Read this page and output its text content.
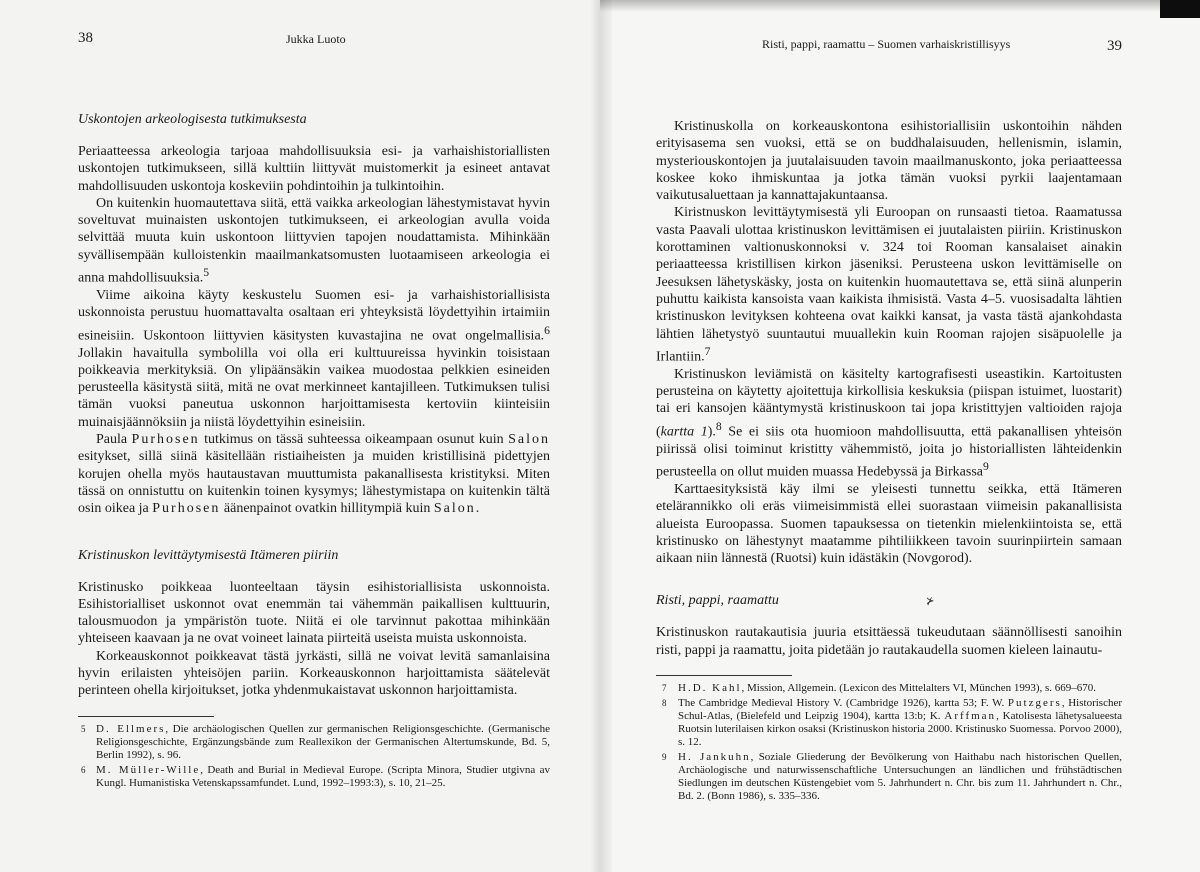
38	Jukka Luoto
Uskontojen arkeologisesta tutkimuksesta

Periaatteessa arkeologia tarjoaa mahdollisuuksia esi- ja varhaishistoriallisten uskontojen tutkimukseen, sillä kulttiin liittyvät muistomerkit ja esineet antavat mahdollisuuden uskontoja koskeviin pohdintoihin ja tulkintoihin.

On kuitenkin huomautettava siitä, että vaikka arkeologian lähestymistavat hyvin soveltuvat muinaisten uskontojen tutkimukseen, ei arkeologian avulla voida selvittää muuta kuin uskontoon liittyvien tapojen noudattamista. Mihinkään syvällisempään kulloistenkin maailmankatsomusten luotaamiseen arkeologia ei anna mahdollisuuksia.$^5$

Viime aikoina käyty keskustelu Suomen esi- ja varhaishistoriallisista uskonnoista perustuu huomattavalta osaltaan eri yhteyksistä löydettyihin irtaimiin esineisiin. Uskontoon liittyvien käsitysten kuvastajina ne ovat ongelmallisia.$^6$ Jollakin havaitulla symbolilla voi olla eri kulttuureissa hyvinkin toisistaan poikkeavia merkityksiä. On ylipäänsäkin vaikea muodostaa pelkkien esineiden perusteella käsitystä siitä, mitä ne ovat merkinneet kantajilleen. Tutkimuksen tulisi tämän vuoksi paneutua uskonnon harjoittamisesta kertoviin kiinteisiin muinaisjäännöksiin ja niistä löydettyihin esineisiin.

Paula Purhosen tutkimus on tässä suhteessa oikeampaan osunut kuin Salon esitykset, sillä siinä käsitellään ristiaiheisten ja muiden kristillisinä pidettyjen korujen ohella myös hautaustavan muuttumista pakanallisesta kristityksi. Miten tässä on onnistuttu on kuitenkin toinen kysymys; lähestymistapa on kuitenkin tältä osin oikea ja Purhosen äänenpainot ovatkin hillitympiä kuin Salon.

Kristinuskon levittäytymisestä Itämeren piiriin

Kristinusko poikkeaa luonteeltaan täysin esihistoriallisista uskonnoista. Esihistorialliset uskonnot ovat enemmän tai vähemmän paikallisen kulttuurin, talousmuodon ja ympäristön tuote. Niitä ei ole tarvinnut pakottaa mihinkään yhteiseen kaavaan ja ne ovat voineet lainata piirteitä useista muista uskonnoista.

Korkeauskonnot poikkeavat tästä jyrkästi, sillä ne voivat levitä samanlaisina hyvin erilaisten yhteisöjen pariin. Korkeauskonnon harjoittamista säätelevät perinteen ohella kirjoitukset, jotka yhdenmukaistavat uskonnon harjoittamista.

5 D. Ellmers, Die archäologischen Quellen zur germanischen Religionsgeschichte. (Germanische Religionsgeschichte, Ergänzungsbände zum Reallexikon der Germanischen Altertumskunde, Bd. 5, Berlin 1992), s. 96.

6 M. Müller-Wille, Death and Burial in Medieval Europe. (Scripta Minora, Studier utgivna av Kungl. Humanistiska Vetenskapssamfundet. Lund, 1992–1993:3), s. 10, 21–25.

Risti, pappi, raamattu – Suomen varhaiskristillisyys	39

Kristinuskolla on korkeauskontona esihistoriallisiin uskontoihin nähden erityisasema sen vuoksi, että se on buddhalaisuuden, hellenismin, islamin, mysteriouskontojen ja juutalaisuuden tavoin maailmanuskonto, joka periaatteessa koskee koko ihmiskuntaa ja jotka tämän vuoksi pyrkii laajentamaan vaikutusaluettaan ja kannattajakuntaansa.

Kiristnuskon levittäytymisestä yli Euroopan on runsaasti tietoa. Raamatussa vasta Paavali ulottaa kristinuskon levittämisen ei juutalaisten piiriin. Kristinuskon korottaminen valtionuskonnoksi v. 324 toi Rooman kansalaiset ainakin periaatteessa kristillisen kirkon jäseniksi. Perusteena uskon levittämiselle on Jeesuksen lähetyskäsky, josta on kuitenkin huomautettava se, että siinä alunperin puhuttu kaikista kansoista vaan kaikista ihmisistä. Vasta 4–5. vuosisadalta lähtien kristinuskon levityksen kohteena ovat kaikki kansat, ja vasta tästä ajankohdasta lähtien lähetystyö suuntautui muuallekin kuin Rooman rajojen sisäpuolelle ja Irlantiin.$^7$

Kristinuskon leviämistä on käsitelty kartografisesti useastikin. Kartoitusten perusteina on käytetty ajoitettuja kirkollisia keskuksia (piispan istuimet, luostarit) tai eri kansojen kääntymystä kristinuskoon tai jopa kristittyjen valtioiden rajoja (kartta 1).$^8$ Se ei siis ota huomioon mahdollisuutta, että pakanallisen yhteisön piirissä olisi toiminut kristitty vähemmistö, joita jo historiallisten lähteidenkin perusteella on ollut muiden muassa Hedebyssä ja Birkassa$^9$

Karttaesityksistä käy ilmi se yleisesti tunnettu seikka, että Itämeren etelärannikko oli eräs viimeisimmistä ellei suorastaan viimeisin pakanallisista alueista Euroopassa. Suomen tapauksessa on tietenkin mielenkiintoista se, että kristinusko on lähestynyt maatamme pihtiliikkeen tavoin suurinpiirtein samaan aikaan niin lännestä (Ruotsi) kuin idästäkin (Novgorod).

Risti, pappi, raamattu	⊁

Kristinuskon rautakautisia juuria etsittäessä tukeudutaan säännöllisesti sanoihin risti, pappi ja raamattu, joita pidetään jo rautakaudella suomen kieleen lainautu-

7 H.D. Kahl, Mission, Allgemein. (Lexicon des Mittelalters VI, München 1993), s. 669–670.

8 The Cambridge Medieval History V. (Cambridge 1926), kartta 53; F. W. Putzgers, Historischer Schul-Atlas, (Bielefeld und Leipzig 1904), kartta 13:b; K. Arffman, Katolisesta lähetysalueesta Ruotsin luterilaisen kirkon osaksi (Kristinuskon historia 2000. Kristinusko Suomessa. Porvoo 2000), s. 12.

9 H. Jankuhn, Soziale Gliederung der Bevölkerung von Haithabu nach historischen Quellen, Archäologische und naturwissenschaftliche Untersuchungen an ländlichen und frühstädtischen Siedlungen im deutschen Küstengebiet vom 5. Jahrhundert n. Chr. bis zum 11. Jahrhundert n. Chr., Bd. 2. (Bonn 1986), s. 335–336.
